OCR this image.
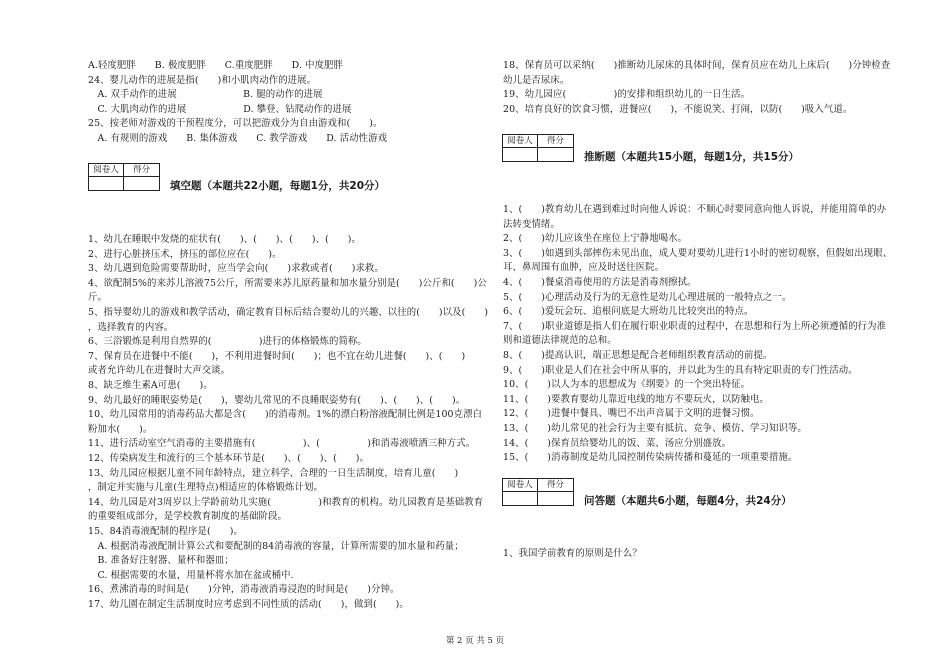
A.轻度肥胖　　B. 极度肥胖　　C.重度肥胖　　D. 中度肥胖
24、婴儿动作的进展是指(　　)和小肌肉动作的进展。
　A. 双手动作的进展　　　　　　　B. 腿的动作的进展
　C. 大肌肉动作的进展　　　　　　D. 攀登、钻爬动作的进展
25、按老师对游戏的干预程度分，可以把游戏分为自由游戏和(　　)。
　A. 有规则的游戏　　B. 集体游戏　　C. 教学游戏　　D. 活动性游戏
1、幼儿在睡眠中发烧的症状有(　　)、(　　)、(　　)、(　　)。
2、进行心脏挤压术，挤压的部位应在(　　)。
3、幼儿遇到危险需要帮助时，应当学会向(　　)求救或者(　　)求救。
4、欲配制5%的来苏儿溶液75公斤，所需要来苏儿原药量和加水量分别是(　　)公斤和(　　)公
斤。
5、指导婴幼儿的游戏和教学活动，确定教育目标后结合婴幼儿的兴趣、以往的(　　)以及(　　)
，选择教育的内容。
6、三浴锻炼是利用自然界的(　　　　　)进行的体格锻炼的简称。
7、保育员在进餐中不能(　　)，不利用进餐时间(　　)；也不宜在幼儿进餐(　　)、(　　)
或者允许幼儿在进餐时大声交谈。
8、缺乏维生素A可患(　　)。
9、幼儿最好的睡眠姿势是(　　)，婴幼儿常见的不良睡眠姿势有(　　)、(　　)、(　　)。
10、幼儿园常用的消毒药品大都是含(　　)的消毒剂。1%的漂白粉溶液配制比例是100克漂白
粉加水(　　)。
11、进行活动室空气消毒的主要措施有(　　　　　)、(　　　　　)和消毒液喷洒三种方式。
12、传染病发生和流行的三个基本环节是(　　)、(　　)、(　　)。
13、幼儿园应根据儿童不同年龄特点，建立科学、合理的一日生活制度，培育儿童(　　)
，制定并实施与儿童(生理特点)相适应的体格锻炼计划。
14、幼儿园是对3周岁以上学龄前幼儿实施(　　　　　)和教育的机构。幼儿园教育是基础教育
的重要组成部分，是学校教育制度的基础阶段。
15、84消毒液配制的程序是(　　)。
　A. 根据消毒液配制计算公式和要配制的84消毒液的容量，计算所需要的加水量和药量；
　B. 准备好注射器、量杯和器皿；
　C. 根据需要的水量，用量杯将水加在盆或桶中.
16、煮沸消毒的时间是(　　)分钟，消毒液消毒浸泡的时间是(　　)分钟。
17、幼儿園在制定生活制度时应考虑到不同性质的活动(　　)，做到(　　)。
18、保育员可以采纳(　　)推断幼儿尿床的具体时间，保育员应在幼儿上床后(　　)分钟检查
幼儿是否尿床。
19、幼儿园应(　　　　　)的安排和组织幼儿的一日生活。
20、培育良好的饮食习惯，进餐应(　　)，不能说笑、打闹，以防(　　)吸入气道。
1、(　　)教育幼儿在遇到难过时向他人诉说：不顺心时要同意向他人诉说，并能用简单的办
法转变情绪。
2、(　　)幼儿应该坐在座位上宁静地喝水。
3、(　　)如遇到头部摔伤未见出血，成人要对要幼儿进行1小时的密切观察，但假如出现眼、
耳、鼻周围有血肿，应及时送往医院。
4、(　　)餐桌消毒使用的方法是消毒剂擦拭。
5、(　　)心理活动及行为的无意性是幼儿心理进展的一般特点之一。
6、(　　)爱玩会玩、追根问底是大班幼儿比较突出的特点。
7、(　　)职业道德是指人们在履行职业职责的过程中，在思想和行为上所必须遵循的行为准
则和道德法律规范的总和。
8、(　　)提高认识，端正思想是配合老师组织教育活动的前提。
9、(　　)职业是人们在社会中所从事的，并以此为生的具有特定职责的专门性活动。
10、(　　)以人为本的思想成为《纲要》的一个突出特征。
11、(　　)要教育婴幼儿靠近电线的地方不要玩火，以防触电。
12、(　　)进餐中餐具、嘴巴不出声音属于文明的进餐习惯。
13、(　　)幼儿常见的社会行为主要有抵抗、竞争、模仿、学习知识等。
14、(　　)保育员给婴幼儿的饭、菜、汤应分别盛放。
15、(　　)消毒制度是幼儿园控制传染病传播和蔓延的一项重要措施。
1、我国学前教育的原则是什么？
阅卷人	得分
填空题（本题共22小题，每题1分，共20分）
阅卷人	得分
推断题（本题共15小题，每题1分，共15分）
阅卷人	得分
问答题（本题共6小题，每题4分，共24分）
第 2 页 共 5 页
